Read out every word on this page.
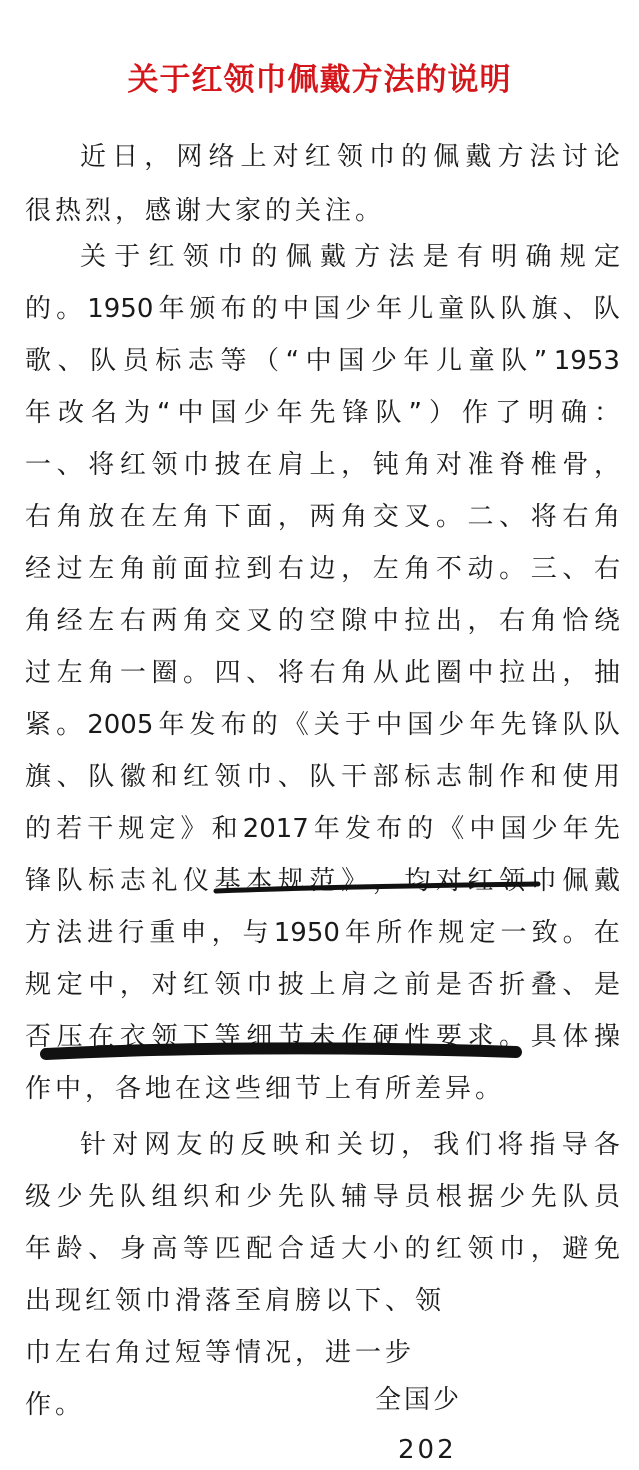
关于红领巾佩戴方法的说明

近 日 ， 网 络 上 对 红 领 巾 的 佩 戴 方 法 讨 论

很热烈，感谢大家的关注。

关 于 红 领 巾 的 佩 戴 方 法 是 有 明 确 规 定

的 。 1950 年 颁 布 的 中 国 少 年 儿 童 队 队 旗 、 队

歌 、 队 员 标 志 等 （ “ 中 国 少 年 儿 童 队 ” 1953

年 改 名 为 “ 中 国 少 年 先 锋 队 ” ） 作 了 明 确 ：

一 、 将 红 领 巾 披 在 肩 上 ， 钝 角 对 准 脊 椎 骨 ，

右 角 放 在 左 角 下 面 ， 两 角 交 叉 。 二 、 将 右 角

经 过 左 角 前 面 拉 到 右 边 ， 左 角 不 动 。 三 、 右

角 经 左 右 两 角 交 叉 的 空 隙 中 拉 出 ， 右 角 恰 绕

过 左 角 一 圈 。 四 、 将 右 角 从 此 圈 中 拉 出 ， 抽

紧 。 2005 年 发 布 的 《 关 于 中 国 少 年 先 锋 队 队

旗 、 队 徽 和 红 领 巾 、 队 干 部 标 志 制 作 和 使 用

的 若 干 规 定 》 和 2017 年 发 布 的 《 中 国 少 年 先

锋 队 标 志 礼 仪 基 本 规 范 》 ， 均 对 红 领 巾 佩 戴

方 法 进 行 重 申 ， 与 1950 年 所 作 规 定 一 致 。 在

规 定 中 ， 对 红 领 巾 披 上 肩 之 前 是 否 折 叠 、 是

否 压 在 衣 领 下 等 细 节 未 作 硬 性 要 求 。 具 体 操

作中，各地在这些细节上有所差异。

针 对 网 友 的 反 映 和 关 切 ， 我 们 将 指 导 各

级 少 先 队 组 织 和 少 先 队 辅 导 员 根 据 少 先 队 员

年 龄 、 身 高 等 匹 配 合 适 大 小 的 红 领 巾 ， 避 免

出现红领巾滑落至肩膀以下、领

巾左右角过短等情况，进一步

作。	全国少

202
